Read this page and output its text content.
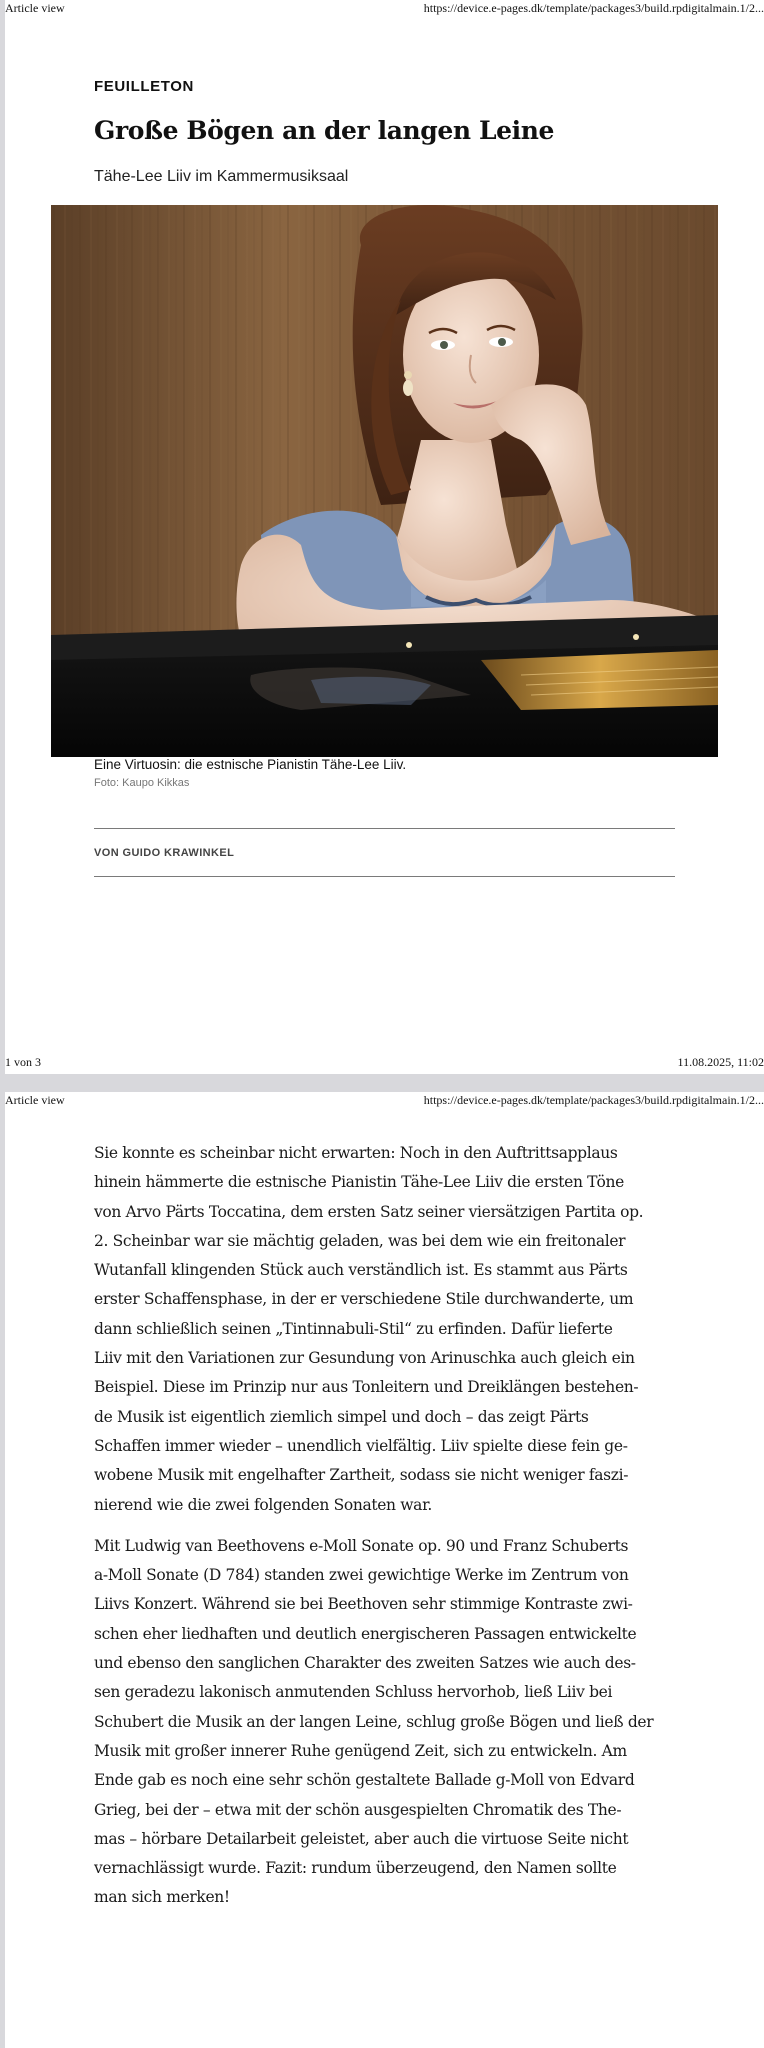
Article view	https://device.e-pages.dk/template/packages3/build.rpdigitalmain.1/2...
FEUILLETON
Große Bögen an der langen Leine
Tähe-Lee Liiv im Kammermusiksaal
Eine Virtuosin: die estnische Pianistin Tähe-Lee Liiv.
Foto: Kaupo Kikkas
VON GUIDO KRAWINKEL
1 von 3	11.08.2025, 11:02
Article view	https://device.e-pages.dk/template/packages3/build.rpdigitalmain.1/2...

Sie konnte es scheinbar nicht erwarten: Noch in den Auftrittsapplaus

hinein hämmerte die estnische Pianistin Tähe-Lee Liiv die ersten Töne

von Arvo Pärts Toccatina, dem ersten Satz seiner viersätzigen Partita op.

2. Scheinbar war sie mächtig geladen, was bei dem wie ein freitonaler

Wutanfall klingenden Stück auch verständlich ist. Es stammt aus Pärts

erster Schaffensphase, in der er verschiedene Stile durchwanderte, um

dann schließlich seinen „Tintinnabuli-Stil“ zu erfinden. Dafür lieferte

Liiv mit den Variationen zur Gesundung von Arinuschka auch gleich ein

Beispiel. Diese im Prinzip nur aus Tonleitern und Dreiklängen bestehen-

de Musik ist eigentlich ziemlich simpel und doch – das zeigt Pärts

Schaffen immer wieder – unendlich vielfältig. Liiv spielte diese fein ge-

wobene Musik mit engelhafter Zartheit, sodass sie nicht weniger faszi-

nierend wie die zwei folgenden Sonaten war.

Mit Ludwig van Beethovens e-Moll Sonate op. 90 und Franz Schuberts

a-Moll Sonate (D 784) standen zwei gewichtige Werke im Zentrum von

Liivs Konzert. Während sie bei Beethoven sehr stimmige Kontraste zwi-

schen eher liedhaften und deutlich energischeren Passagen entwickelte

und ebenso den sanglichen Charakter des zweiten Satzes wie auch des-

sen geradezu lakonisch anmutenden Schluss hervorhob, ließ Liiv bei

Schubert die Musik an der langen Leine, schlug große Bögen und ließ der

Musik mit großer innerer Ruhe genügend Zeit, sich zu entwickeln. Am

Ende gab es noch eine sehr schön gestaltete Ballade g-Moll von Edvard

Grieg, bei der – etwa mit der schön ausgespielten Chromatik des The-

mas – hörbare Detailarbeit geleistet, aber auch die virtuose Seite nicht

vernachlässigt wurde. Fazit: rundum überzeugend, den Namen sollte

man sich merken!
